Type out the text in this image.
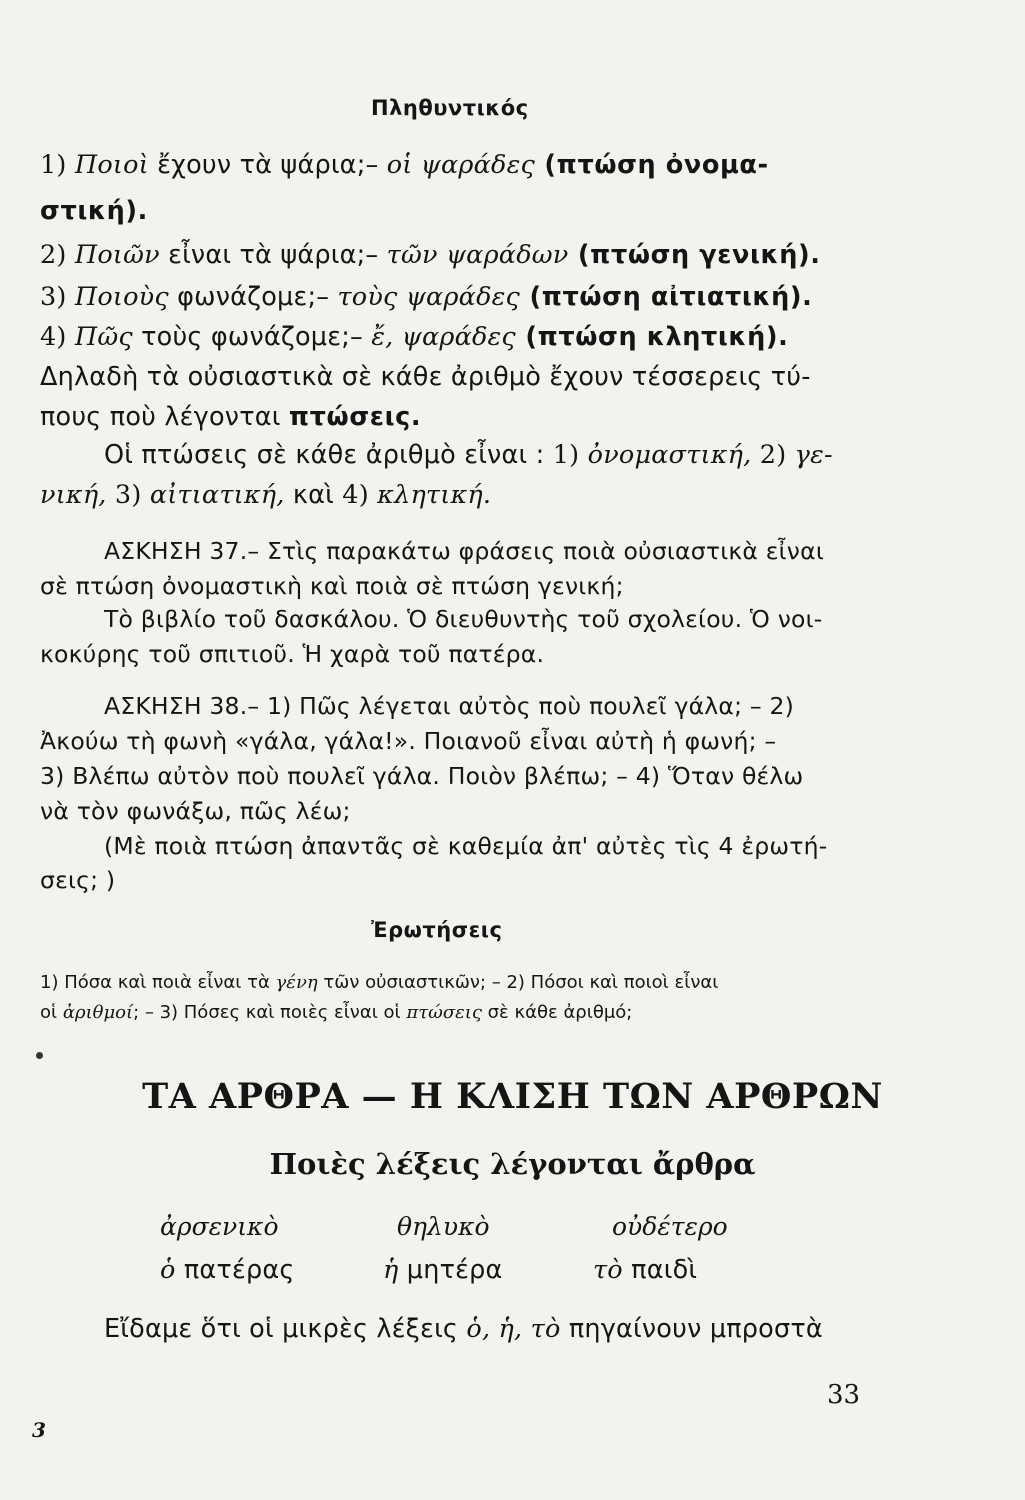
Πληθυντικός
1) Ποιοὶ ἔχουν τὰ ψάρια;– οἱ ψαράδες (πτώση ὀνομα-
στική).
2) Ποιῶν εἶναι τὰ ψάρια;– τῶν ψαράδων (πτώση γενική).
3) Ποιοὺς φωνάζομε;– τοὺς ψαράδες (πτώση αἰτιατική).
4) Πῶς τοὺς φωνάζομε;– ἔ, ψαράδες (πτώση κλητική).
Δηλαδὴ τὰ οὐσιαστικὰ σὲ κάθε ἀριθμὸ ἔχουν τέσσερεις τύ-
πους ποὺ λέγονται πτώσεις.
Οἱ πτώσεις σὲ κάθε ἀριθμὸ εἶναι : 1) ὀνομαστική, 2) γε-
νική, 3) αἰτιατική, καὶ 4) κλητική.
ΑΣΚΗΣΗ 37.– Στὶς παρακάτω φράσεις ποιὰ οὐσιαστικὰ εἶναι
σὲ πτώση ὀνομαστικὴ καὶ ποιὰ σὲ πτώση γενική;
Τὸ βιβλίο τοῦ δασκάλου. Ὁ διευθυντὴς τοῦ σχολείου. Ὁ νοι-
κοκύρης τοῦ σπιτιοῦ. Ἡ χαρὰ τοῦ πατέρα.
ΑΣΚΗΣΗ 38.– 1) Πῶς λέγεται αὐτὸς ποὺ πουλεῖ γάλα; – 2)
Ἀκούω τὴ φωνὴ «γάλα, γάλα!». Ποιανοῦ εἶναι αὐτὴ ἡ φωνή; –
3) Βλέπω αὐτὸν ποὺ πουλεῖ γάλα. Ποιὸν βλέπω; – 4) Ὅταν θέλω
νὰ τὸν φωνάξω, πῶς λέω;
(Μὲ ποιὰ πτώση ἀπαντᾶς σὲ καθεμία ἀπ' αὐτὲς τὶς 4 ἐρωτή-
σεις; )
Ἐρωτήσεις
1) Πόσα καὶ ποιὰ εἶναι τὰ γένη τῶν οὐσιαστικῶν; – 2) Πόσοι καὶ ποιοὶ εἶναι
οἱ ἀριθμοί; – 3) Πόσες καὶ ποιὲς εἶναι οἱ πτώσεις σὲ κάθε ἀριθμό;
ΤΑ ΑΡΘΡΑ — Η ΚΛΙΣΗ ΤΩΝ ΑΡΘΡΩΝ
Ποιὲς λέξεις λέγονται ἄρθρα
ἀρσενικὸ	θηλυκὸ	οὐδέτερο
ὁ πατέρας	ἡ μητέρα	τὸ παιδὶ
Εἴδαμε ὅτι οἱ μικρὲς λέξεις ὁ, ἡ, τὸ πηγαίνουν μπροστὰ
33
3
